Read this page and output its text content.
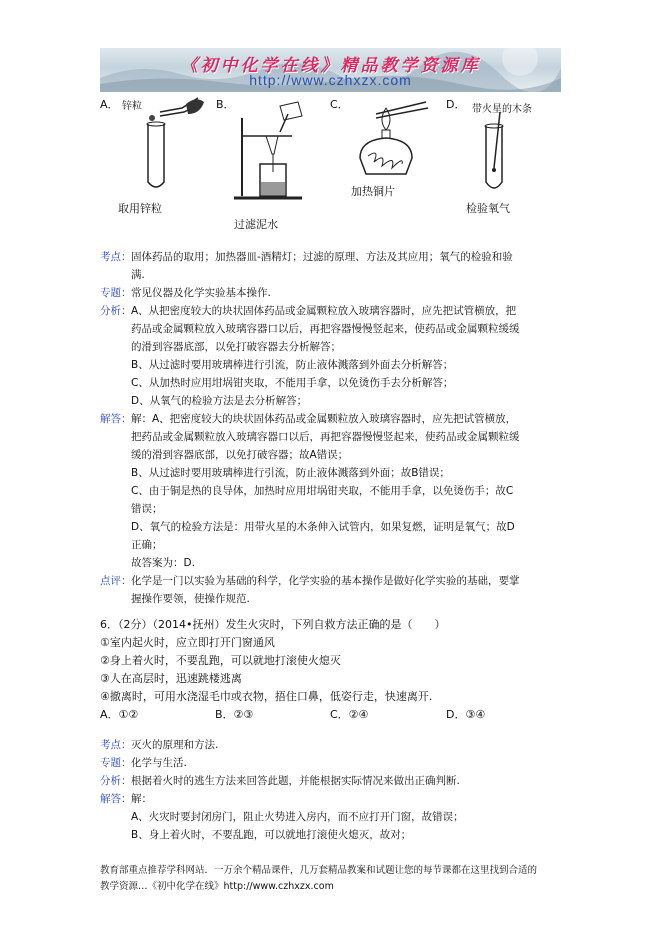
《初中化学在线》精品教学资源库
http://www.czhxzx.com
A． 锌粒
取用锌粒
B．
过滤泥水
C．
加热铜片
D． 带火星的木条
检验氧气
考点： 固体药品的取用；加热器皿-酒精灯；过滤的原理、方法及其应用；氧气的检验和验
满.
专题： 常见仪器及化学实验基本操作.
分析： A、从把密度较大的块状固体药品或金属颗粒放入玻璃容器时，应先把试管横放，把
药品或金属颗粒放入玻璃容器口以后，再把容器慢慢竖起来，使药品或金属颗粒缓缓
的滑到容器底部，以免打破容器去分析解答；
B、从过滤时要用玻璃棒进行引流，防止液体溅落到外面去分析解答；
C、从加热时应用坩埚钳夹取，不能用手拿，以免烫伤手去分析解答；
D、从氧气的检验方法是去分析解答；
解答： 解：A、把密度较大的块状固体药品或金属颗粒放入玻璃容器时，应先把试管横放，
把药品或金属颗粒放入玻璃容器口以后，再把容器慢慢竖起来，使药品或金属颗粒缓
缓的滑到容器底部，以免打破容器；故A错误；
B、从过滤时要用玻璃棒进行引流，防止液体溅落到外面；故B错误；
C、由于铜是热的良导体，加热时应用坩埚钳夹取，不能用手拿，以免烫伤手；故C
错误；
D、氧气的检验方法是：用带火星的木条伸入试管内，如果复燃，证明是氧气；故D
正确；
故答案为：D.
点评： 化学是一门以实验为基础的科学，化学实验的基本操作是做好化学实验的基础，要掌
握操作要领，使操作规范.
6．（2分）（2014•抚州）发生火灾时，下列自救方法正确的是（　　）
①室内起火时，应立即打开门窗通风
②身上着火时，不要乱跑，可以就地打滚使火熄灭
③人在高层时，迅速跳楼逃离
④撤离时，可用水浇湿毛巾或衣物，捂住口鼻，低姿行走，快速离开.
A．①②	B．②③	C．②④	D．③④
考点： 灭火的原理和方法.
专题： 化学与生活.
分析： 根据着火时的逃生方法来回答此题，并能根据实际情况来做出正确判断.
解答： 解：
A、火灾时要封闭房门，阻止火势进入房内，而不应打开门窗，故错误；
B、身上着火时，不要乱跑，可以就地打滚使火熄灭，故对；
教育部重点推荐学科网站．一万余个精品课件，几万套精品教案和试题让您的每节课都在这里找到合适的
教学资源…《初中化学在线》http://www.czhxzx.com
